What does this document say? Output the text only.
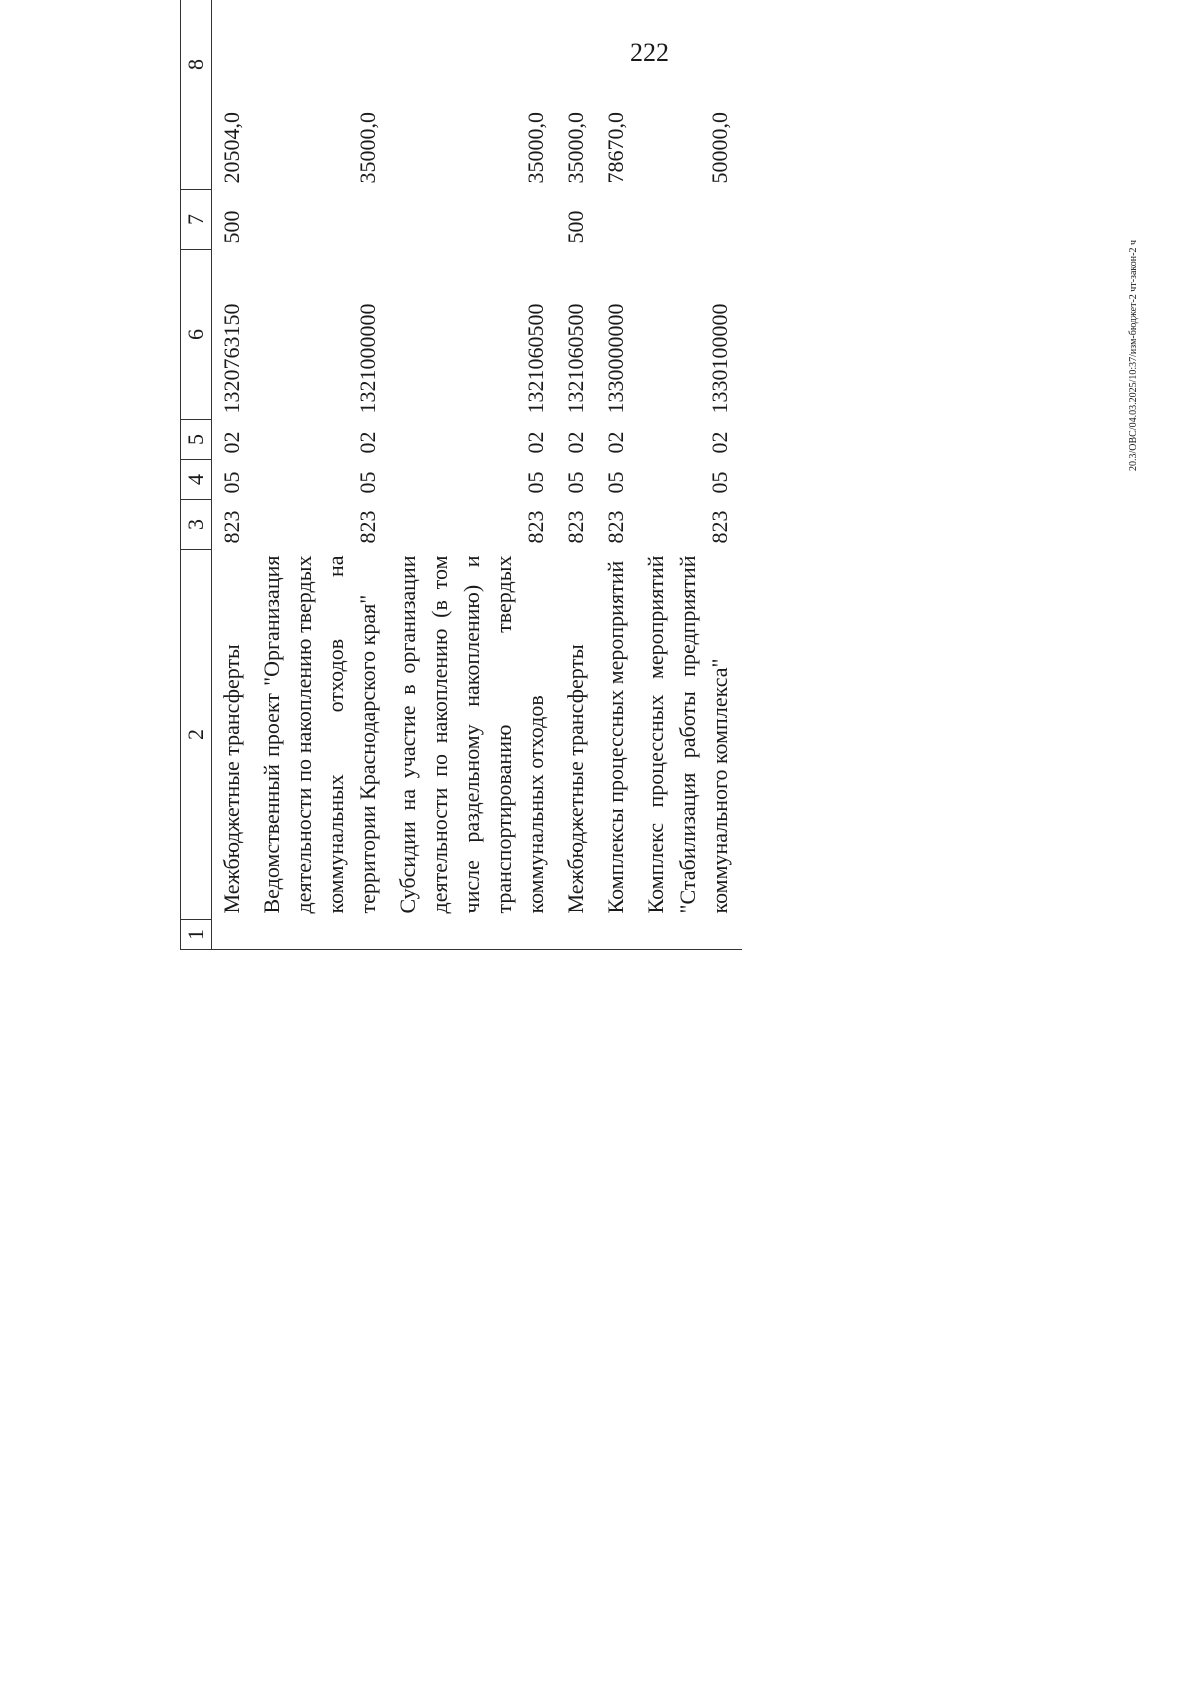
222
20.3/ОВС/04.03.2025/10:37/изм-бюджет-2 чт-закон-2 ч
1	2	3	4	5	6	7	8		
	Межбюджетные трансферты	823	05	02	1320763150	500	20504,0		
	Ведомственный проект "Организация деятельности по накоплению твердых коммунальных отходов на территории Краснодарского края"	823	05	02	1321000000		35000,0		
	Субсидии на участие в организации деятельности по накоплению (в том числе раздельному накоплению) и транспортированию твердых коммунальных отходов	823	05	02	1321060500		35000,0		
	Межбюджетные трансферты	823	05	02	1321060500	500	35000,0		
	Комплексы процессных мероприятий	823	05	02	1330000000		78670,0		
	Комплекс процессных мероприятий "Стабилизация работы предприятий коммунального комплекса"	823	05	02	1330100000		50000,0		
